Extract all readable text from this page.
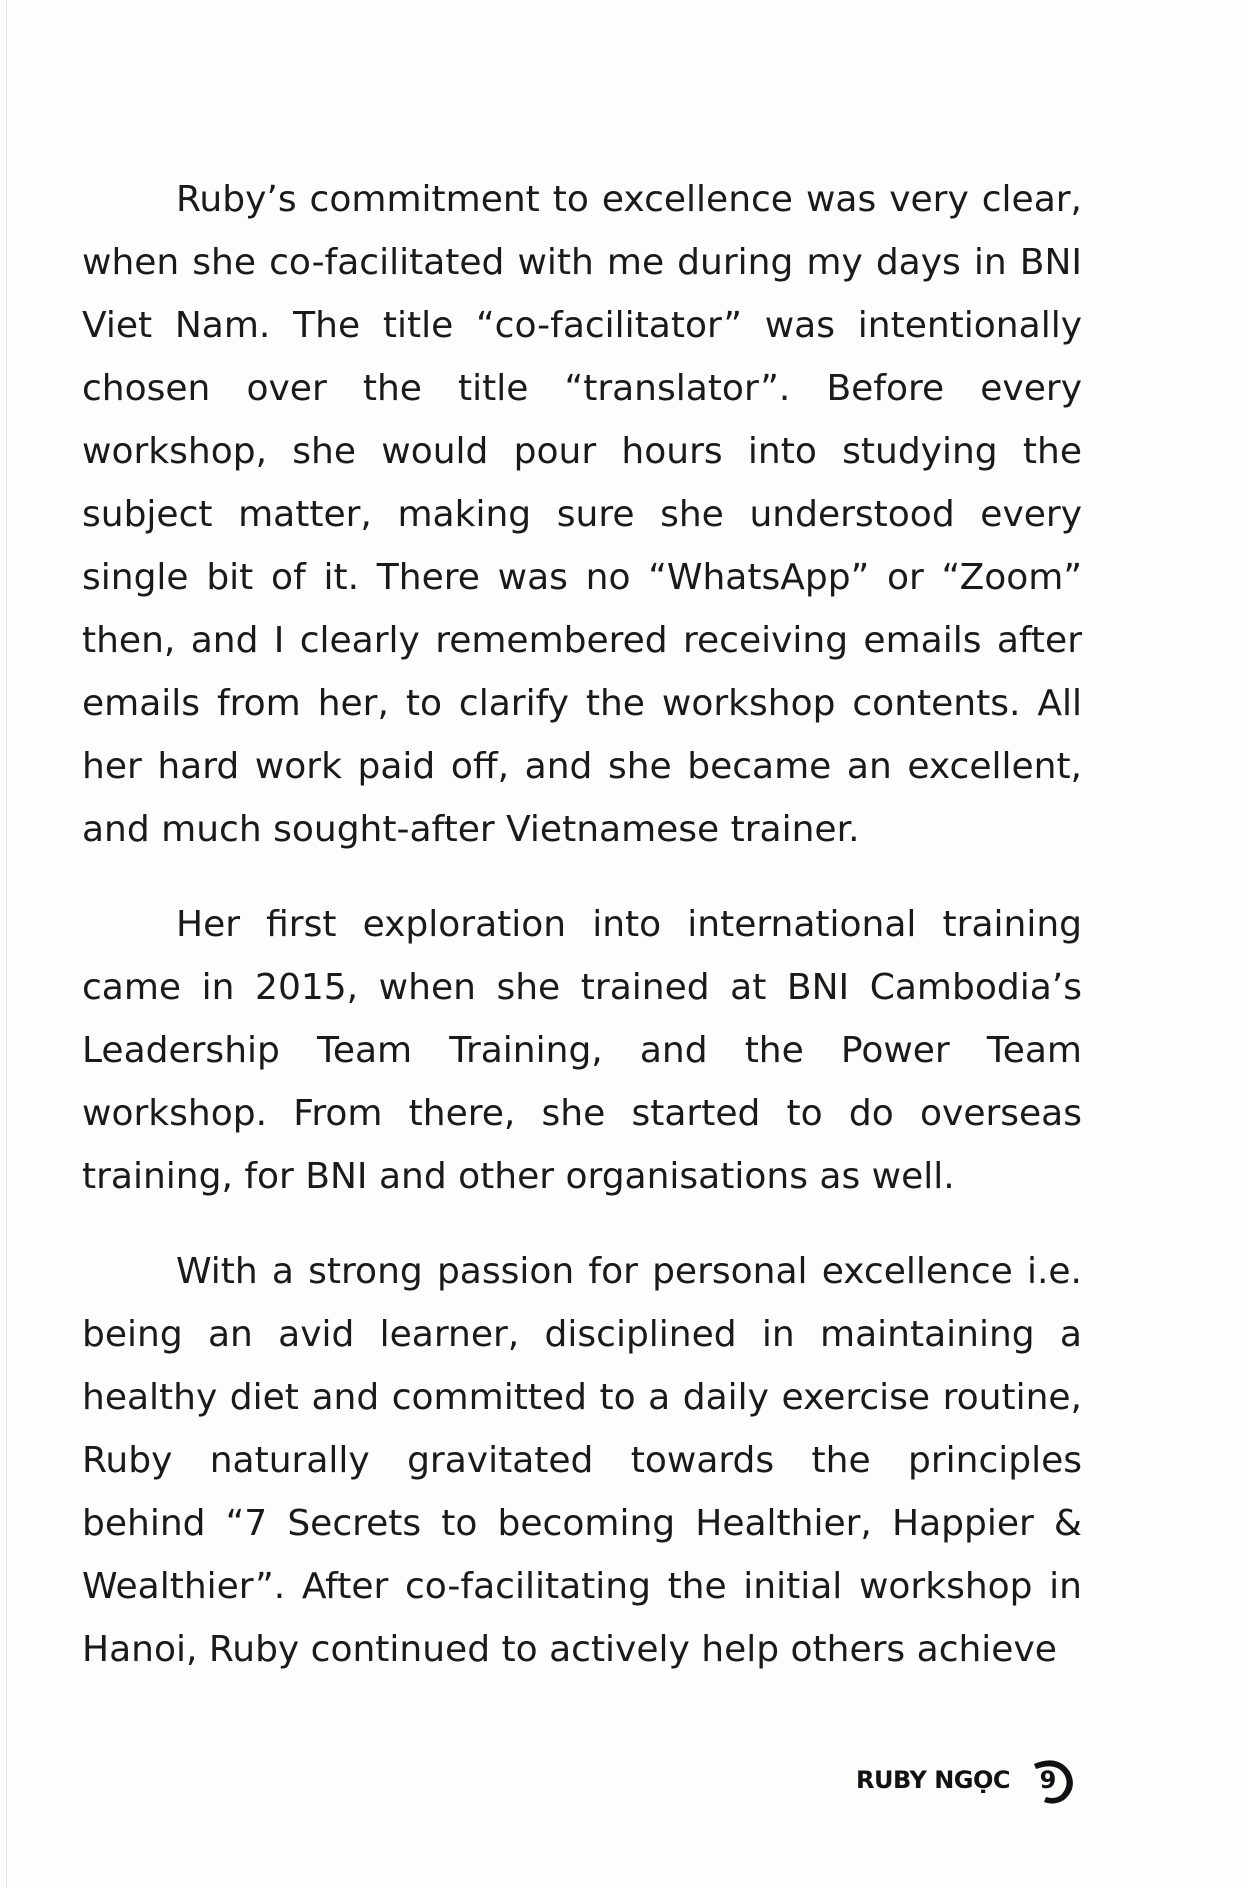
Ruby’s commitment to excellence was very clear, when she co-facilitated with me during my days in BNI Viet Nam. The title “co-facilitator” was intentionally chosen over the title “translator”. Before every workshop, she would pour hours into studying the subject matter, making sure she understood every single bit of it. There was no “WhatsApp” or “Zoom” then, and I clearly remembered receiving emails after emails from her, to clarify the workshop contents. All her hard work paid off, and she became an excellent, and much sought-after Vietnamese trainer.

Her first exploration into international training came in 2015, when she trained at BNI Cambodia’s Leadership Team Training, and the Power Team workshop. From there, she started to do overseas training, for BNI and other organisations as well.

With a strong passion for personal excellence i.e. being an avid learner, disciplined in maintaining a healthy diet and committed to a daily exercise routine, Ruby naturally gravitated towards the principles behind “7 Secrets to becoming Healthier, Happier & Wealthier”. After co-facilitating the initial workshop in Hanoi, Ruby continued to actively help others achieve

RUBY NGỌC	9
